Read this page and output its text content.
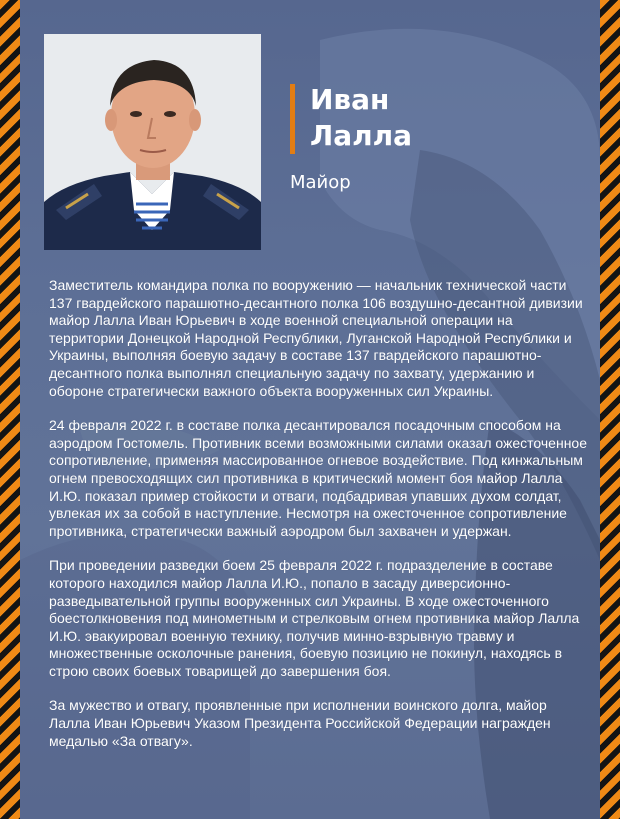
Иван
Лалла
Майор

Заместитель командира полка по вооружению — начальник технической части 137 гвардейского парашютно-десантного полка 106 воздушно-десантной дивизии майор Лалла Иван Юрьевич в ходе военной специальной операции на территории Донецкой Народной Республики, Луганской Народной Республики и Украины, выполняя боевую задачу в составе 137 гвардейского парашютно-десантного полка выполнял специальную задачу по захвату, удержанию и обороне стратегически важного объекта вооруженных сил Украины.

24 февраля 2022 г. в составе полка десантировался посадочным способом на аэродром Гостомель. Противник всеми возможными силами оказал ожесточенное сопротивление, применяя массированное огневое воздействие. Под кинжальным огнем превосходящих сил противника в критический момент боя майор Лалла И.Ю. показал пример стойкости и отваги, подбадривая упавших духом солдат, увлекая их за собой в наступление. Несмотря на ожесточенное сопротивление противника, стратегически важный аэродром был захвачен и удержан.

При проведении разведки боем 25 февраля 2022 г. подразделение в составе которого находился майор Лалла И.Ю., попало в засаду диверсионно-разведывательной группы вооруженных сил Украины. В ходе ожесточенного боестолкновения под минометным и стрелковым огнем противника майор Лалла И.Ю. эвакуировал военную технику, получив минно-взрывную травму и множественные осколочные ранения, боевую позицию не покинул, находясь в строю своих боевых товарищей до завершения боя.

За мужество и отвагу, проявленные при исполнении воинского долга, майор Лалла Иван Юрьевич Указом Президента Российской Федерации награжден медалью «За отвагу».
